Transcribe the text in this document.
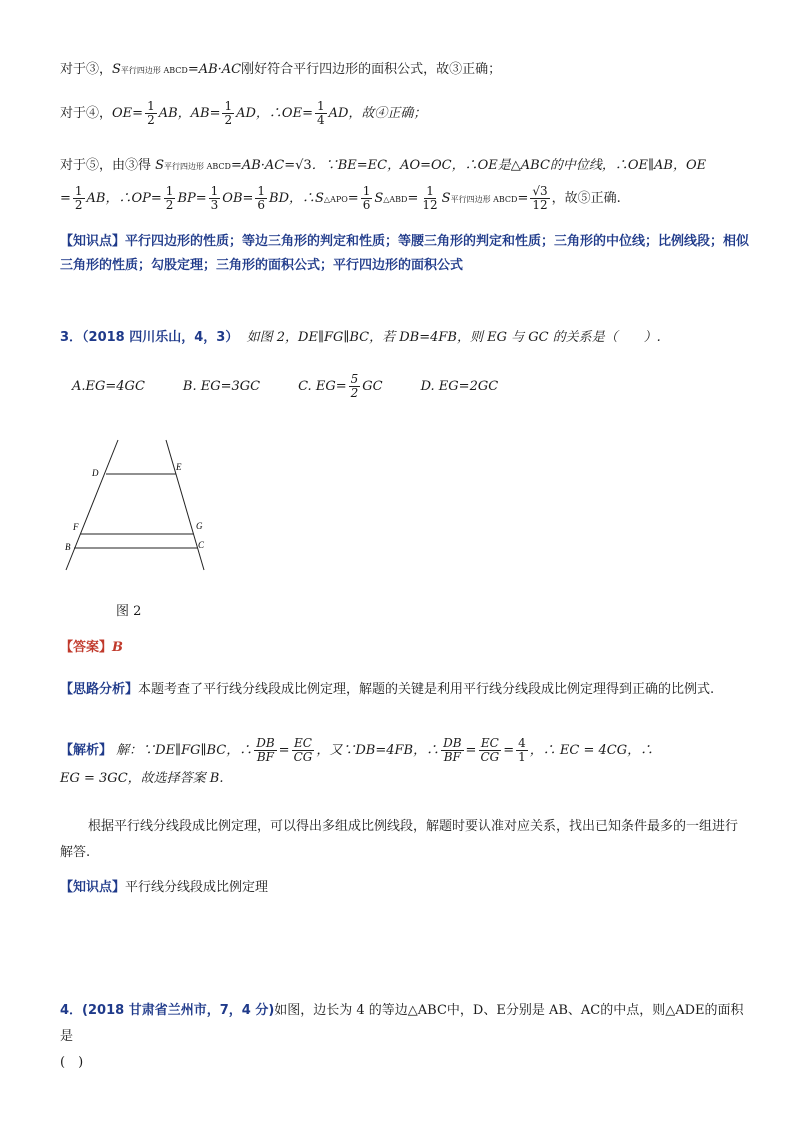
对于③，S平行四边形 ABCD=AB·AC刚好符合平行四边形的面积公式，故③正确；
对于④，$OE= \frac{1}{2}$ AB，$AB= \frac{1}{2}$ AD，∴OE= $\frac{1}{4}$ AD，故④正确；
对于⑤，由③得 S平行四边形 ABCD=AB·AC=√3．∵BE=EC，AO=OC，∴OE是△ABC的中位线，∴OE∥AB，OE
= $\frac{1}{2}$ AB，∴OP= $\frac{1}{2} BP= \frac{1}{3} OB= \frac{1}{6}$ BD，∴S△APO= $\frac{1}{6}$ S△ABD= $\frac{1}{12}$ S平行四边形 ABCD= $\frac{√3}{12}$ ，故⑤正确.
【知识点】平行四边形的性质；等边三角形的判定和性质；等腰三角形的判定和性质；三角形的中位线；比例线段；相似三角形的性质；勾股定理；三角形的面积公式；平行四边形的面积公式
3．（2018 四川乐山，4，3） 如图 2，DE∥FG∥BC，若 DB=4FB，则 EG 与 GC 的关系是（　　）.
A.EG=4GC	B. EG=3GC	C. $EG= \frac{5}{2}$ GC	D. EG=2GC
D
E
F	G
B	C
图 2
【答案】B
【思路分析】本题考查了平行线分线段成比例定理，解题的关键是利用平行线分线段成比例定理得到正确的比例式.
【解析】 解：∵DE∥FG∥BC，∴ $\frac{DB}{BF} = \frac{EC}{CG}$ ，又∵DB=4FB，∴ $\frac{DB}{BF} = \frac{EC}{CG} = \frac{4}{1}$ ，∴ EC = 4CG，∴
EG = 3GC，故选择答案 B.
根据平行线分线段成比例定理，可以得出多组成比例线段，解题时要认准对应关系，找出已知条件最多的一组进行解答.
【知识点】平行线分线段成比例定理
4．(2018 甘肃省兰州市，7，4 分)如图，边长为 4 的等边△ABC中，D、E分别是 AB、AC的中点，则△ADE的面积是
(　)
